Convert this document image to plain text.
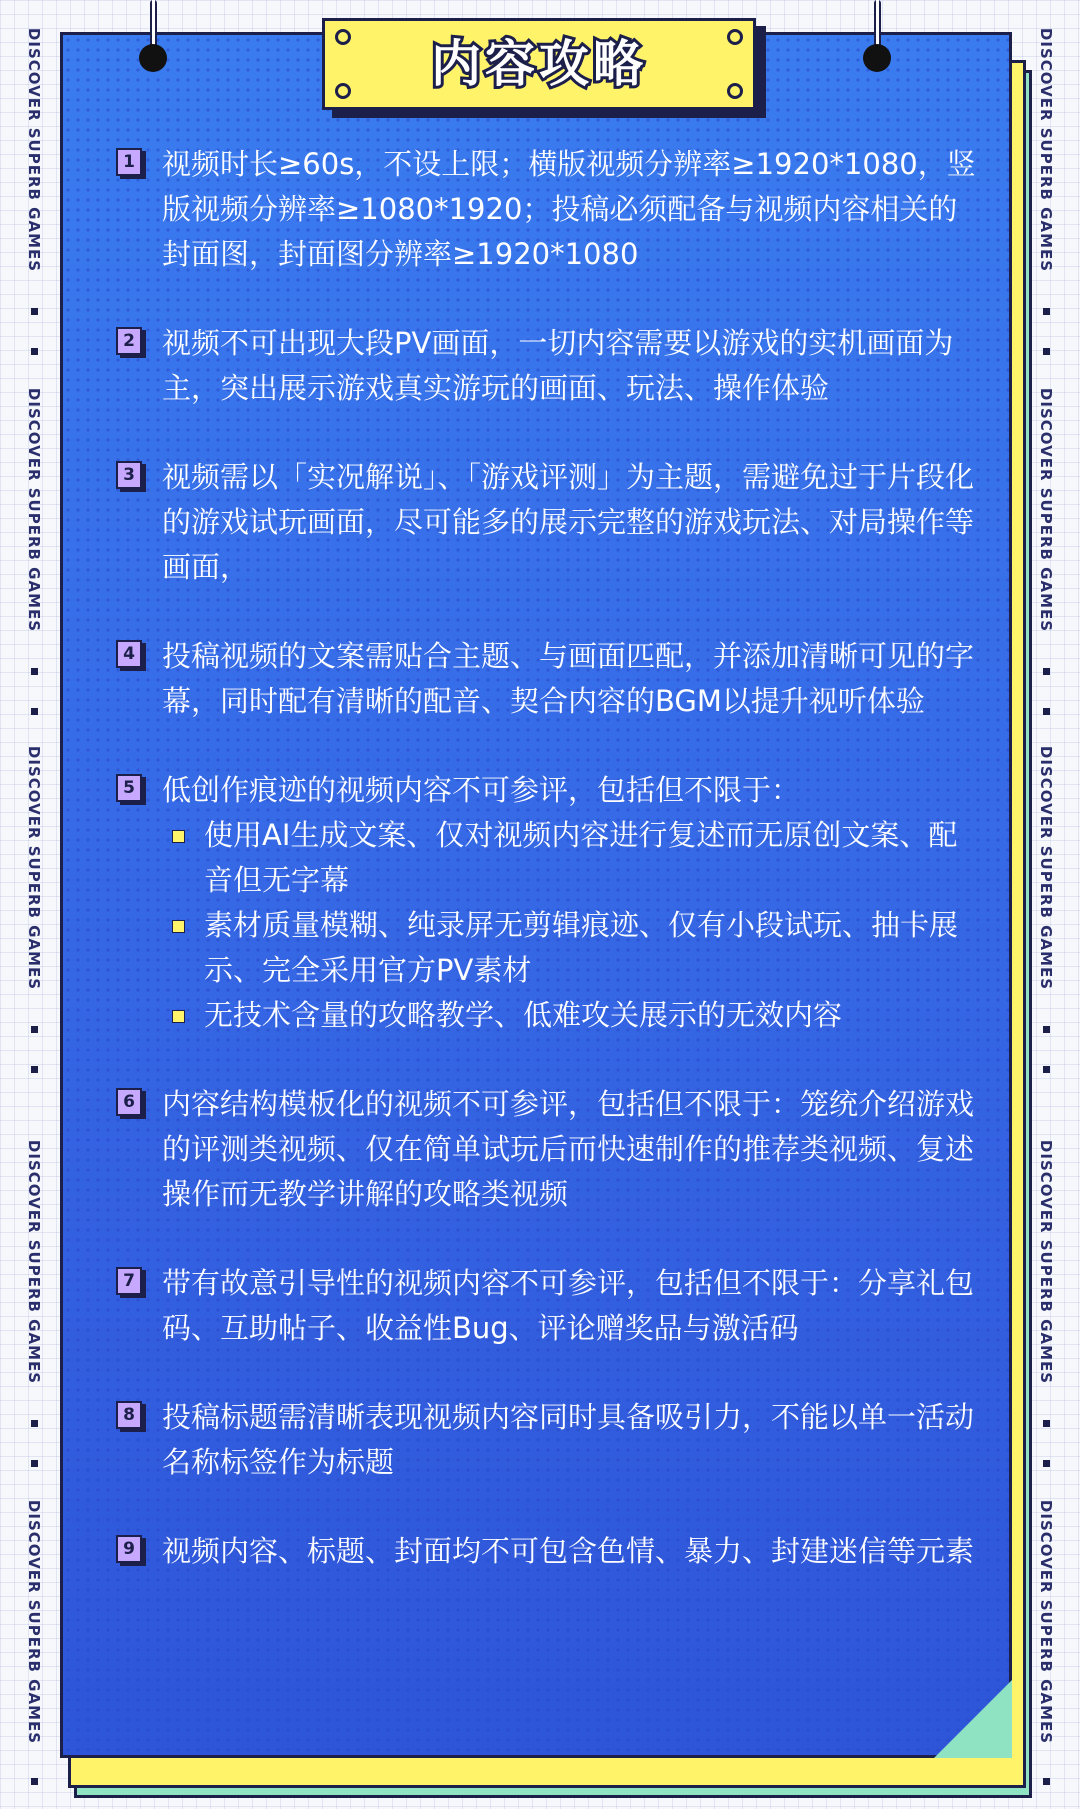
DISCOVER SUPERB GAMES
DISCOVER SUPERB GAMES
DISCOVER SUPERB GAMES
DISCOVER SUPERB GAMES
DISCOVER SUPERB GAMES
DISCOVER SUPERB GAMES
DISCOVER SUPERB GAMES
DISCOVER SUPERB GAMES
DISCOVER SUPERB GAMES
DISCOVER SUPERB GAMES
内容攻略
1 视频时长≥60s，不设上限；横版视频分辨率≥1920*1080，竖版视频分辨率≥1080*1920；投稿必须配备与视频内容相关的封面图，封面图分辨率≥1920*1080

2 视频不可出现大段PV画面，一切内容需要以游戏的实机画面为主，突出展示游戏真实游玩的画面、玩法、操作体验

3 视频需以「实况解说」、「游戏评测」为主题，需避免过于片段化的游戏试玩画面，尽可能多的展示完整的游戏玩法、对局操作等画面，

4 投稿视频的文案需贴合主题、与画面匹配，并添加清晰可见的字幕，同时配有清晰的配音、契合内容的BGM以提升视听体验

5 低创作痕迹的视频内容不可参评，包括但不限于：

使用AI生成文案、仅对视频内容进行复述而无原创文案、配音但无字幕
素材质量模糊、纯录屏无剪辑痕迹、仅有小段试玩、抽卡展示、完全采用官方PV素材
无技术含量的攻略教学、低难攻关展示的无效内容
6 内容结构模板化的视频不可参评，包括但不限于：笼统介绍游戏的评测类视频、仅在简单试玩后而快速制作的推荐类视频、复述操作而无教学讲解的攻略类视频

7 带有故意引导性的视频内容不可参评，包括但不限于：分享礼包码、互助帖子、收益性Bug、评论赠奖品与激活码

8 投稿标题需清晰表现视频内容同时具备吸引力，不能以单一活动名称标签作为标题

9 视频内容、标题、封面均不可包含色情、暴力、封建迷信等元素
